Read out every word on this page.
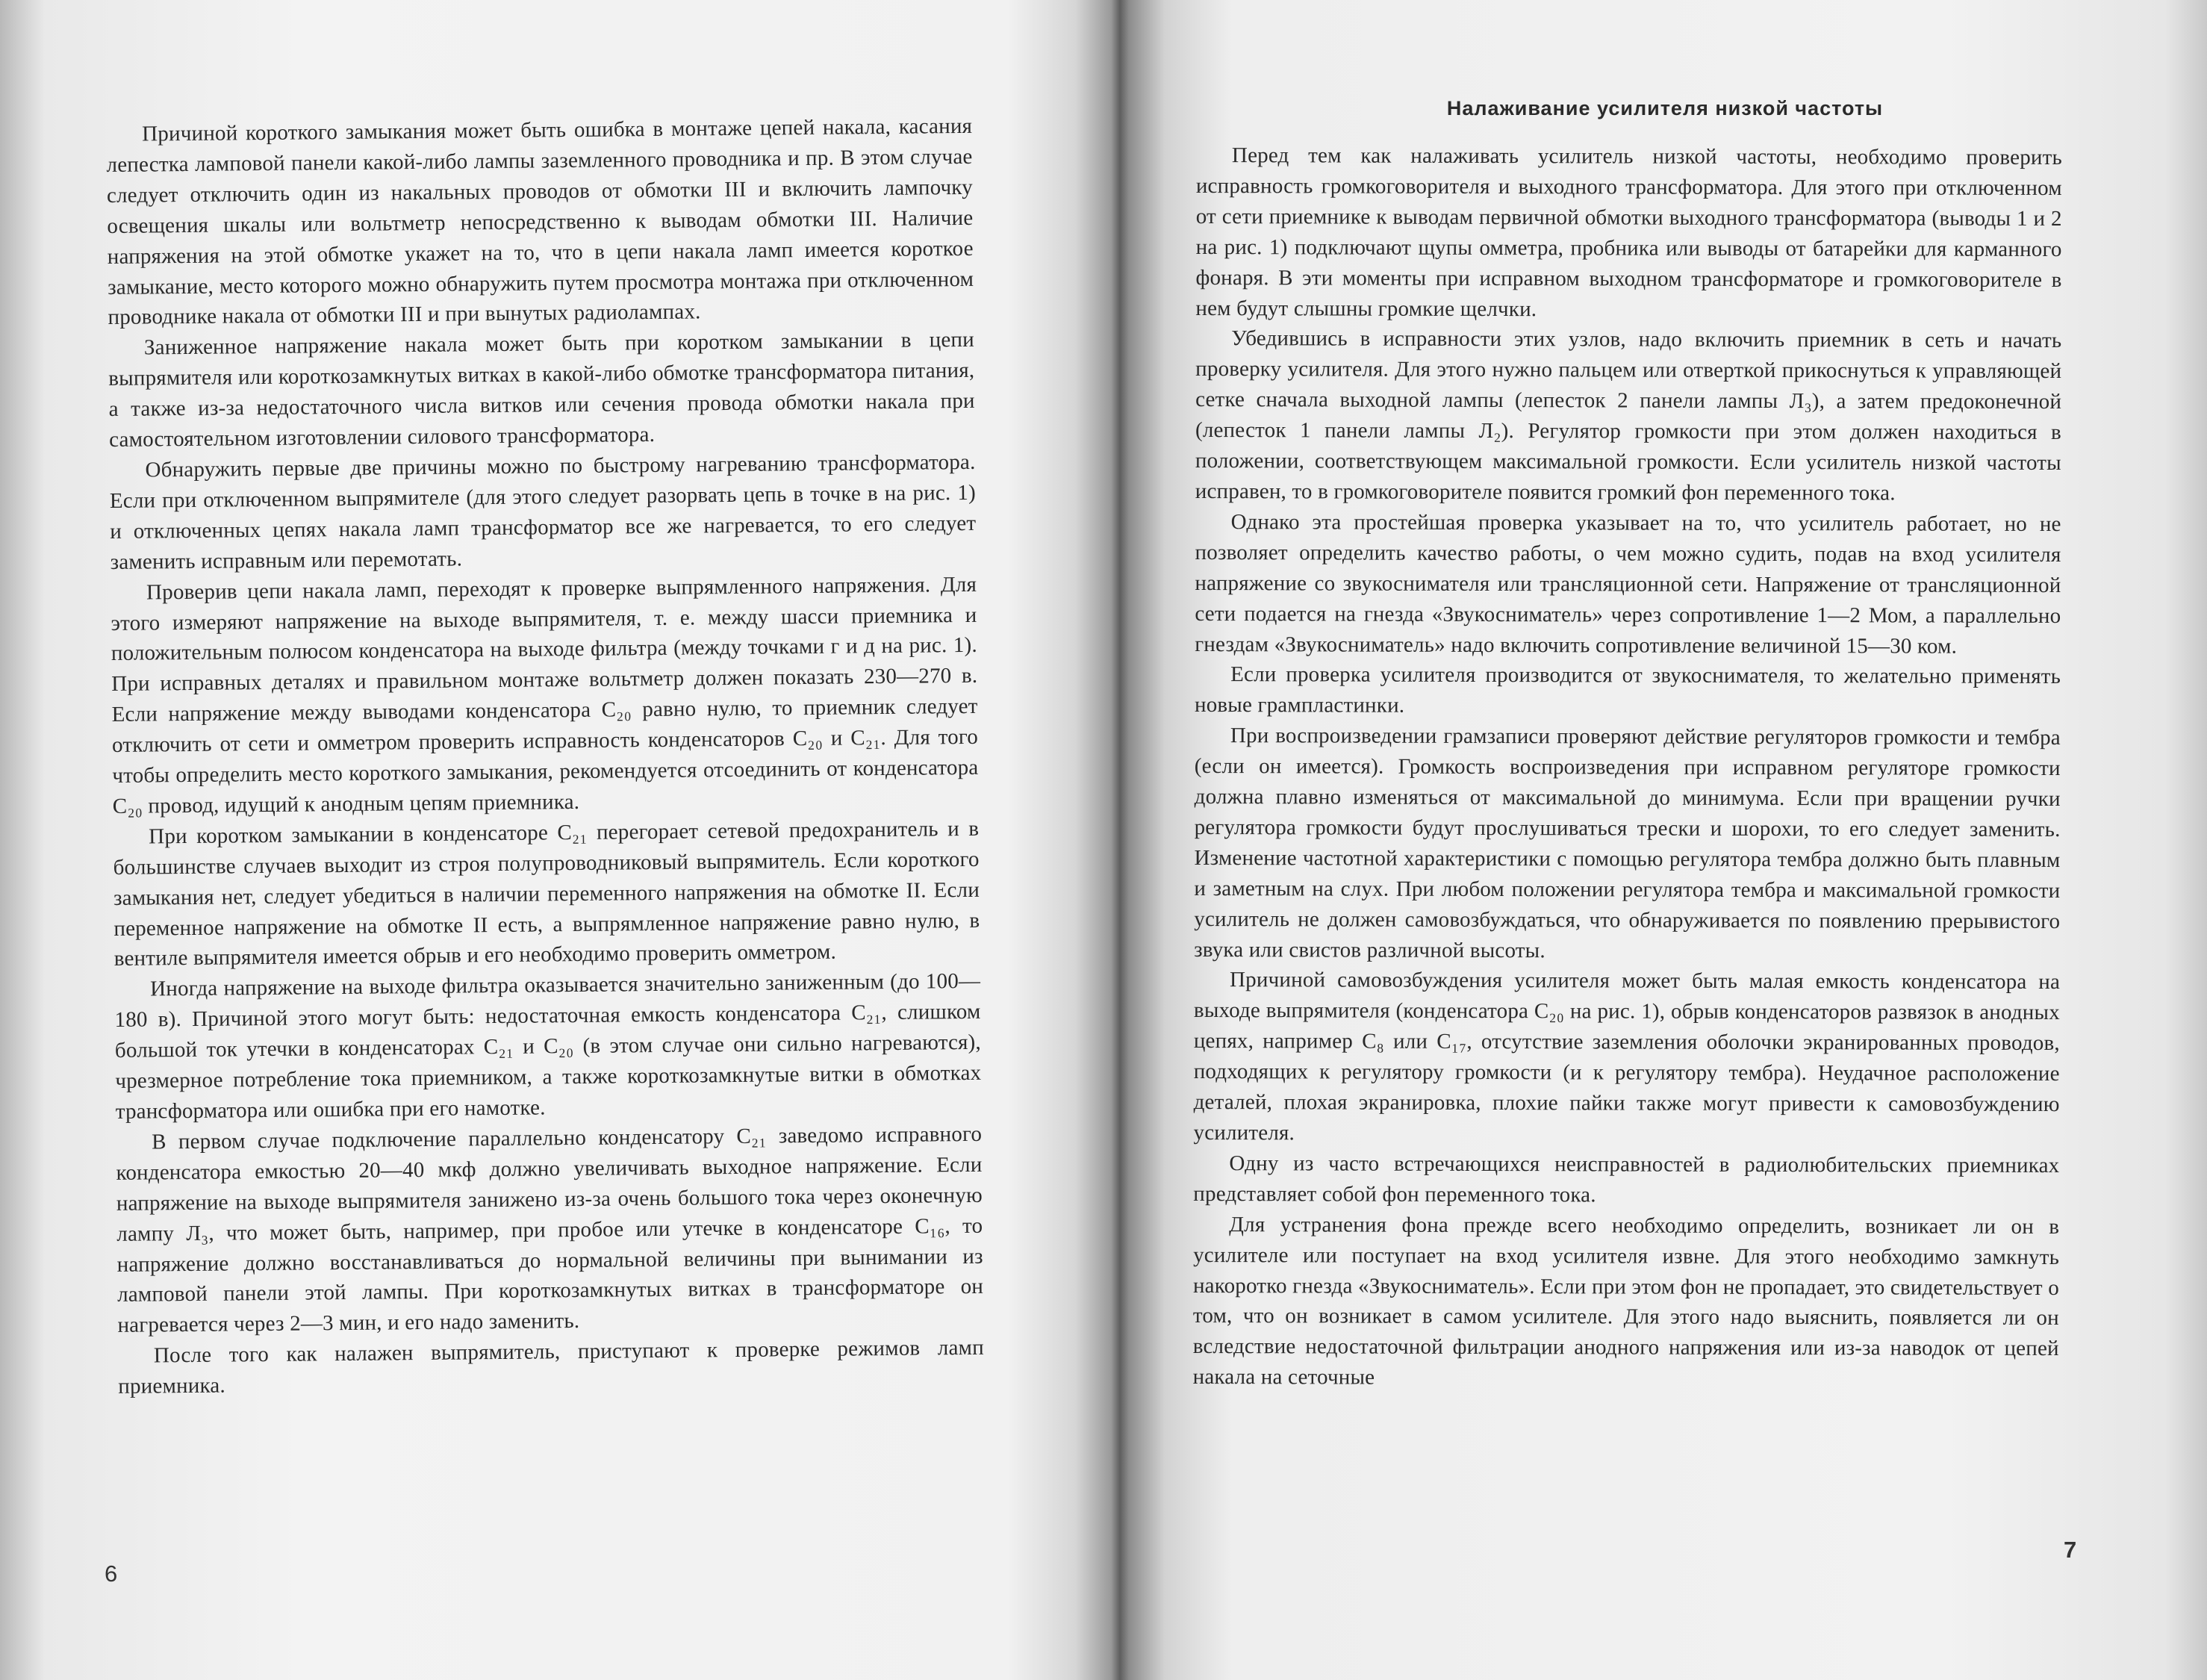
Причиной короткого замыкания может быть ошибка в монтаже цепей накала, касания лепестка ламповой панели какой-либо лампы заземленного проводника и пр. В этом случае следует отключить один из накальных проводов от обмотки III и включить лампочку освещения шкалы или вольтметр непосредственно к выводам обмотки III. Наличие напряжения на этой обмотке укажет на то, что в цепи накала ламп имеется короткое замыкание, место которого можно обнаружить путем просмотра монтажа при отключенном проводнике накала от обмотки III и при вынутых радиолампах.

Заниженное напряжение накала может быть при коротком замыкании в цепи выпрямителя или короткозамкнутых витках в какой-либо обмотке трансформатора питания, а также из-за недостаточного числа витков или сечения провода обмотки накала при самостоятельном изготовлении силового трансформатора.

Обнаружить первые две причины можно по быстрому нагреванию трансформатора. Если при отключенном выпрямителе (для этого следует разорвать цепь в точке в на рис. 1) и отключенных цепях накала ламп трансформатор все же нагревается, то его следует заменить исправным или перемотать.

Проверив цепи накала ламп, переходят к проверке выпрямленного напряжения. Для этого измеряют напряжение на выходе выпрямителя, т. е. между шасси приемника и положительным полюсом конденсатора на выходе фильтра (между точками г и д на рис. 1). При исправных деталях и правильном монтаже вольтметр должен показать 230—270 в. Если напряжение между выводами конденсатора C₂₀ равно нулю, то приемник следует отключить от сети и омметром проверить исправность конденсаторов C₂₀ и C₂₁. Для того чтобы определить место короткого замыкания, рекомендуется отсоединить от конденсатора C₂₀ провод, идущий к анодным цепям приемника.

При коротком замыкании в конденсаторе C₂₁ перегорает сетевой предохранитель и в большинстве случаев выходит из строя полупроводниковый выпрямитель. Если короткого замыкания нет, следует убедиться в наличии переменного напряжения на обмотке II. Если переменное напряжение на обмотке II есть, а выпрямленное напряжение равно нулю, в вентиле выпрямителя имеется обрыв и его необходимо проверить омметром.

Иногда напряжение на выходе фильтра оказывается значительно заниженным (до 100—180 в). Причиной этого могут быть: недостаточная емкость конденсатора C₂₁, слишком большой ток утечки в конденсаторах C₂₁ и C₂₀ (в этом случае они сильно нагреваются), чрезмерное потребление тока приемником, а также короткозамкнутые витки в обмотках трансформатора или ошибка при его намотке.

В первом случае подключение параллельно конденсатору C₂₁ заведомо исправного конденсатора емкостью 20—40 мкф должно увеличивать выходное напряжение. Если напряжение на выходе выпрямителя занижено из-за очень большого тока через оконечную лампу Л₃, что может быть, например, при пробое или утечке в конденсаторе C₁₆, то напряжение должно восстанавливаться до нормальной величины при вынимании из ламповой панели этой лампы. При короткозамкнутых витках в трансформаторе он нагревается через 2—3 мин, и его надо заменить.

После того как налажен выпрямитель, приступают к проверке режимов ламп приемника.

6
Налаживание усилителя низкой частоты

Перед тем как налаживать усилитель низкой частоты, необходимо проверить исправность громкоговорителя и выходного трансформатора. Для этого при отключенном от сети приемнике к выводам первичной обмотки выходного трансформатора (выводы 1 и 2 на рис. 1) подключают щупы омметра, пробника или выводы от батарейки для карманного фонаря. В эти моменты при исправном выходном трансформаторе и громкоговорителе в нем будут слышны громкие щелчки.

Убедившись в исправности этих узлов, надо включить приемник в сеть и начать проверку усилителя. Для этого нужно пальцем или отверткой прикоснуться к управляющей сетке сначала выходной лампы (лепесток 2 панели лампы Л₃), а затем предоконечной (лепесток 1 панели лампы Л₂). Регулятор громкости при этом должен находиться в положении, соответствующем максимальной громкости. Если усилитель низкой частоты исправен, то в громкоговорителе появится громкий фон переменного тока.

Однако эта простейшая проверка указывает на то, что усилитель работает, но не позволяет определить качество работы, о чем можно судить, подав на вход усилителя напряжение со звукоснимателя или трансляционной сети. Напряжение от трансляционной сети подается на гнезда «Звукосниматель» через сопротивление 1—2 Мом, а параллельно гнездам «Звукосниматель» надо включить сопротивление величиной 15—30 ком.

Если проверка усилителя производится от звукоснимателя, то желательно применять новые грампластинки.

При воспроизведении грамзаписи проверяют действие регуляторов громкости и тембра (если он имеется). Громкость воспроизведения при исправном регуляторе громкости должна плавно изменяться от максимальной до минимума. Если при вращении ручки регулятора громкости будут прослушиваться трески и шорохи, то его следует заменить. Изменение частотной характеристики с помощью регулятора тембра должно быть плавным и заметным на слух. При любом положении регулятора тембра и максимальной громкости усилитель не должен самовозбуждаться, что обнаруживается по появлению прерывистого звука или свистов различной высоты.

Причиной самовозбуждения усилителя может быть малая емкость конденсатора на выходе выпрямителя (конденсатора C₂₀ на рис. 1), обрыв конденсаторов развязок в анодных цепях, например C₈ или C₁₇, отсутствие заземления оболочки экранированных проводов, подходящих к регулятору громкости (и к регулятору тембра). Неудачное расположение деталей, плохая экранировка, плохие пайки также могут привести к самовозбуждению усилителя.

Одну из часто встречающихся неисправностей в радиолюбительских приемниках представляет собой фон переменного тока.

Для устранения фона прежде всего необходимо определить, возникает ли он в усилителе или поступает на вход усилителя извне. Для этого необходимо замкнуть накоротко гнезда «Звукосниматель». Если при этом фон не пропадает, это свидетельствует о том, что он возникает в самом усилителе. Для этого надо выяснить, появляется ли он вследствие недостаточной фильтрации анодного напряжения или из-за наводок от цепей накала на сеточные

7
